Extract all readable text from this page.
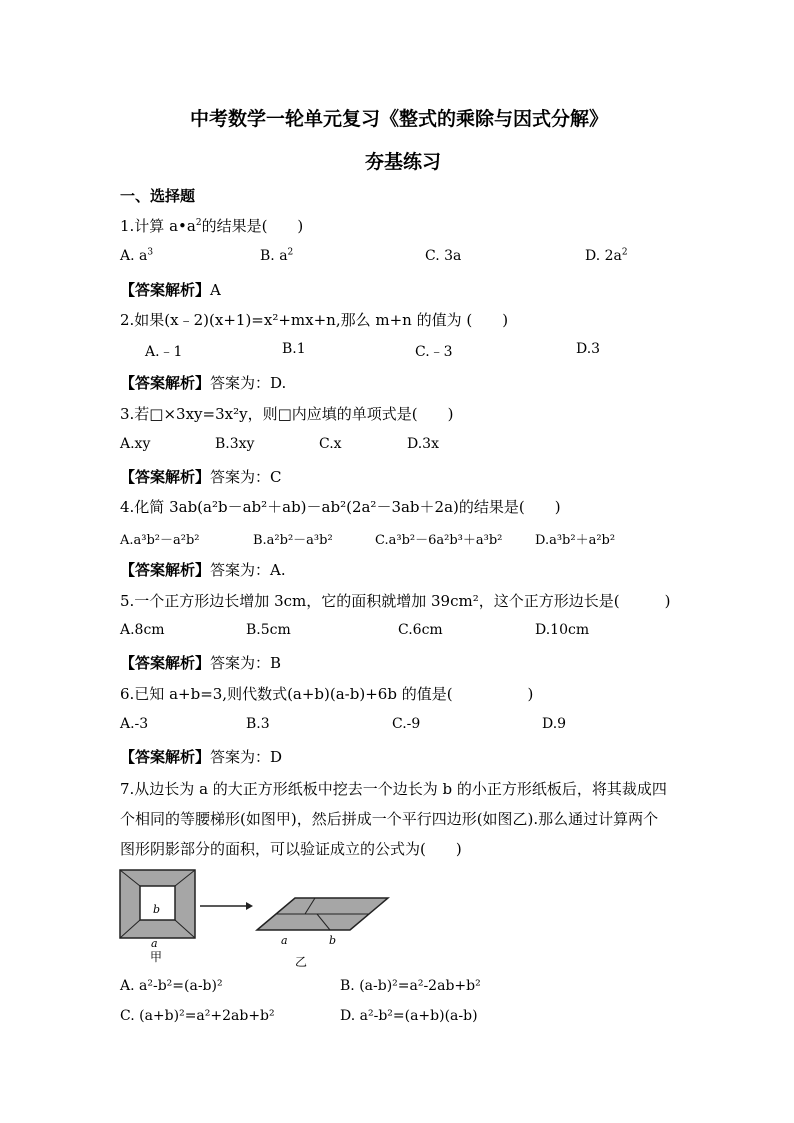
中考数学一轮单元复习《整式的乘除与因式分解》
夯基练习
一、选择题
1.计算 $a•a^2$的结果是(　　)
A. $a^3$	B. $a^2$	C. 3a	D. $2a^2$
【答案解析】A
2.如果(x﹣2)(x+1)=x²+mx+n,那么 m+n 的值为 (　　)
A.﹣1	B.1	C.﹣3	D.3
【答案解析】答案为：D.
3.若□×3xy=3x²y，则□内应填的单项式是(　　)
A.xy	B.3xy	C.x	D.3x
【答案解析】答案为：C
4.化简 3ab(a²b－ab²＋ab)－ab²(2a²－3ab＋2a)的结果是(　　)
A.a³b²－a²b²	B.a²b²－a³b²	C.a³b²－6a²b³＋a³b²	D.a³b²＋a²b²
【答案解析】答案为：A.
5.一个正方形边长增加 3cm，它的面积就增加 39cm²，这个正方形边长是(　　　)
A.8cm	B.5cm	C.6cm	D.10cm
【答案解析】答案为：B
6.已知 a+b=3,则代数式(a+b)(a-b)+6b 的值是(　　　　　)
A.-3	B.3	C.-9	D.9
【答案解析】答案为：D
7.从边长为 a 的大正方形纸板中挖去一个边长为 b 的小正方形纸板后，将其裁成四
个相同的等腰梯形(如图甲)，然后拼成一个平行四边形(如图乙).那么通过计算两个
图形阴影部分的面积，可以验证成立的公式为(　　)
b
a
甲
a	b
乙
A. a²-b²=(a-b)²	B. (a-b)²=a²-2ab+b²
C. (a+b)²=a²+2ab+b²	D. a²-b²=(a+b)(a-b)
